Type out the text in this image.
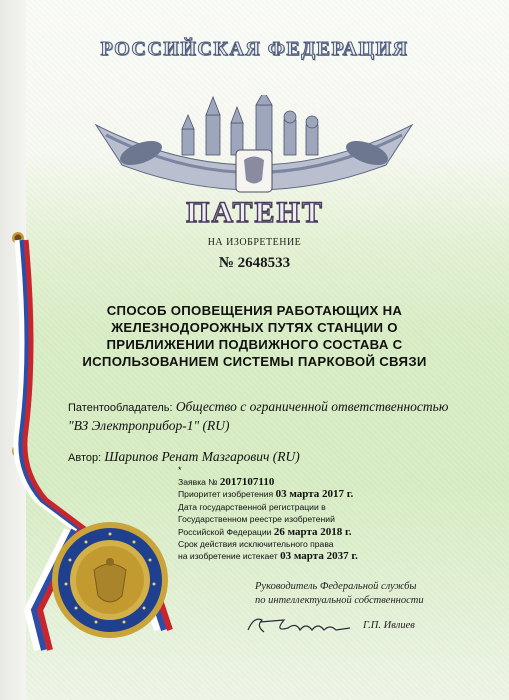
РОССИЙСКАЯ ФЕДЕРАЦИЯ
ПАТЕНТ
НА ИЗОБРЕТЕНИЕ
№ 2648533
СПОСОБ ОПОВЕЩЕНИЯ РАБОТАЮЩИХ НА
ЖЕЛЕЗНОДОРОЖНЫХ ПУТЯХ СТАНЦИИ О
ПРИБЛИЖЕНИИ ПОДВИЖНОГО СОСТАВА С
ИСПОЛЬЗОВАНИЕМ СИСТЕМЫ ПАРКОВОЙ СВЯЗИ
Патентообладатель: Общество с ограниченной ответственностью
"ВЗ Электроприбор-1" (RU)
Автор: Шарипов Ренат Мазгарович (RU)
*
Заявка № 2017107110
Приоритет изобретения 03 марта 2017 г.
Дата государственной регистрации в
Государственном реестре изобретений
Российской Федерации 26 марта 2018 г.
Срок действия исключительного права
на изобретение истекает 03 марта 2037 г.
Руководитель Федеральной службы
по интеллектуальной собственности
Г.П. Ивлиев
